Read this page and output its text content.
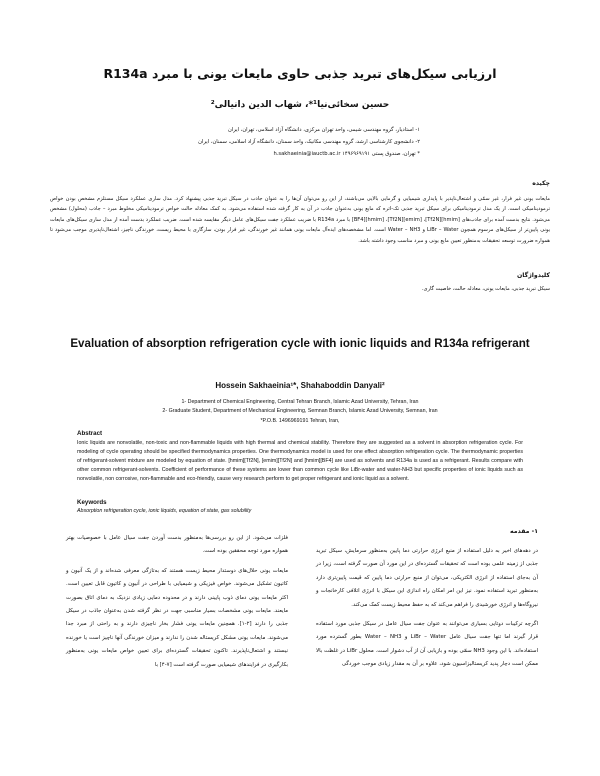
ارزیابی سیکل‌های تبرید جذبی حاوی مایعات یونی با مبرد R134a
حسین سخائی‌نیا¹*، شهاب الدین دانیالی²
۱- استادیار، گروه مهندسی شیمی، واحد تهران مرکزی، دانشگاه آزاد اسلامی، تهران، ایران
۲- دانشجوی کارشناسی ارشد، گروه مهندسی مکانیک، واحد سمنان، دانشگاه آزاد اسلامی، سمنان، ایران
* تهران، صندوق پستی ۱۴۹۶۹۶۹۱۹۱ h.sakhaeinia@iauctb.ac.ir
چکیده
مایعات یونی غیر فرار، غیر سمّی و اشتعال‌ناپذیر با پایداری شیمیایی و گرمایی بالایی می‌باشند، از این رو می‌توان آن‌ها را به عنوان جاذب در سیکل تبرید جذبی پیشنهاد کرد. مدل سازی عملکرد سیکل مستلزم مشخص بودن خواص ترمودینامیکی است. از یک مدل ترمودینامیکی برای سیکل تبرید جذبی تک-اثره که مایع یونی به‌عنوان جاذب در آن به کار گرفته شده استفاده می‌شود. به کمک معادله حالت خواص ترمودینامیکی مخلوط مبرد – جاذب (محلول) مشخص می‌شود. نتایج بدست آمده برای جاذب‌های [hmim][Tf2N]، [emim][Tf2N]، [hmim][BF4] با مبرد R134a با ضریب عملکرد جفت سیکل‌های عامل دیگر مقایسه شده است. ضریب عملکرد بدست آمده از مدل سازی سیکل‌های مایعات یونی پایین‌تر از سیکل‌های مرسوم همچون LiBr – Water و Water – NH3 است. اما مشخصه‌های ایده‌آل مایعات یونی همانند غیر خورندگی، غیر فرار بودن، سازگاری با محیط زیست، خورندگی ناچیز، اشتعال‌ناپذیری موجب می‌شود تا همواره ضرورت توسعه تحقیقات به‌منظور تعیین مایع یونی و مبرد مناسب وجود داشته باشد.
کلیدواژگان
سیکل تبرید جذبی، مایعات یونی، معادله حالت، خاصیت گازی.
Evaluation of absorption refrigeration cycle with ionic liquids and R134a refrigerant
Hossein Sakhaeinia¹*, Shahaboddin Danyali²
1- Department of Chemical Engineering, Central Tehran Branch, Islamic Azad University, Tehran, Iran
2- Graduate Student, Department of Mechanical Engineering, Semnan Branch, Islamic Azad University, Semnan, Iran
*P.O.B. 1496969191 Tehran, Iran,
Abstract
Ionic liquids are nonvolatile, non-toxic and non-flammable liquids with high thermal and chemical stability. Therefore they are suggested as a solvent in absorption refrigeration cycle. For modeling of cycle operating should be specified thermodynamics properties. One thermodynamics model is used for one effect absorption refrigeration cycle. The thermodynamic properties of refrigerant-solvent mixture are modeled by equation of state. [hmim][Tf2N], [emim][Tf2N] and [hmim][BF4] are used as solvents and R134a is used as a refrigerant. Results compare with other common refrigerant-solvents. Coefficient of performance of these systems are lower than common cycle like LiBr-water and water-NH3 but specific properties of ionic liquids such as nonvolatile, non corrosive, non-flammable and eco-friendly, cause very research perform to get proper refrigerant and ionic liquid as a solvent.
Keywords
Absorption refrigeration cycle, ionic liquids, equation of state, gas solubility
۱- مقدمه

در دهه‌های اخیر به دلیل استفاده از منبع انرژی حرارتی دما پایین به‌منظور سرمایش، سیکل تبرید جذبی از زمینه علمی بوده است که تحقیقات گسترده‌ای در این مورد آن صورت گرفته است، زیرا در آن به‌جای استفاده از انرژی الکتریکی، می‌توان از منبع حرارتی دما پایین که قیمت پایین‌تری دارد به‌منظور تبرید استفاده نمود. نیز این امر امکان راه اندازی این سیکل با انرژی اتلافی کارخانجات و نیروگاه‌ها و انرژی خورشیدی را فراهم می‌کند که به حفظ محیط زیست کمک می‌کند.

اگرچه ترکیبات دوتایی بسیاری می‌توانند به عنوان جفت سیال عامل در سیکل جذبی مورد استفاده قرار گیرند اما تنها جفت سیال عامل LiBr – Water و Water – NH3 بطور گسترده مورد استفاده‌اند. با این وجود NH3 سمّی بوده و بازیابی آن از آب دشوار است. محلول LiBr در غلظت بالا ممکن است دچار پدید کریستالیزاسیون شود، علاوه بر آن به مقدار زیادی موجب خوردگی

فلزات می‌شود. از این رو بررسی‌ها به‌منظور بدست آوردن جفت سیال عامل با خصوصیات بهتر همواره مورد توجه محققین بوده است.

مایعات یونی حلال‌های دوستدار محیط زیست هستند که به‌تازگی معرفی شده‌اند و از یک آنیون و کاتیون تشکیل می‌شوند. خواص فیزیکی و شیمیایی با طراحی در آنیون و کاتیون قابل تعیین است. اکثر مایعات یونی دمای ذوب پایینی دارند و در محدوده دمایی زیادی نزدیک به دمای اتاق بصورت مایعند. مایعات یونی مشخصات بسیار مناسبی جهت در نظر گرفته شدن به‌عنوان جاذب در سیکل جذبی را دارند [۲-۱]. همچنین مایعات یونی فشار بخار ناچیزی دارند و به راحتی از مبرد جدا می‌شوند. مایعات یونی مشکل کریستاله شدن را ندارند و میزان خورندگی آنها ناچیز است یا خورنده نیستند و اشتعال‌ناپذیرند. تاکنون تحقیقات گسترده‌ای برای تعیین خواص مایعات یونی به‌منظور بکارگیری در فرایندهای شیمیایی صورت گرفته است [۷-۴] با
